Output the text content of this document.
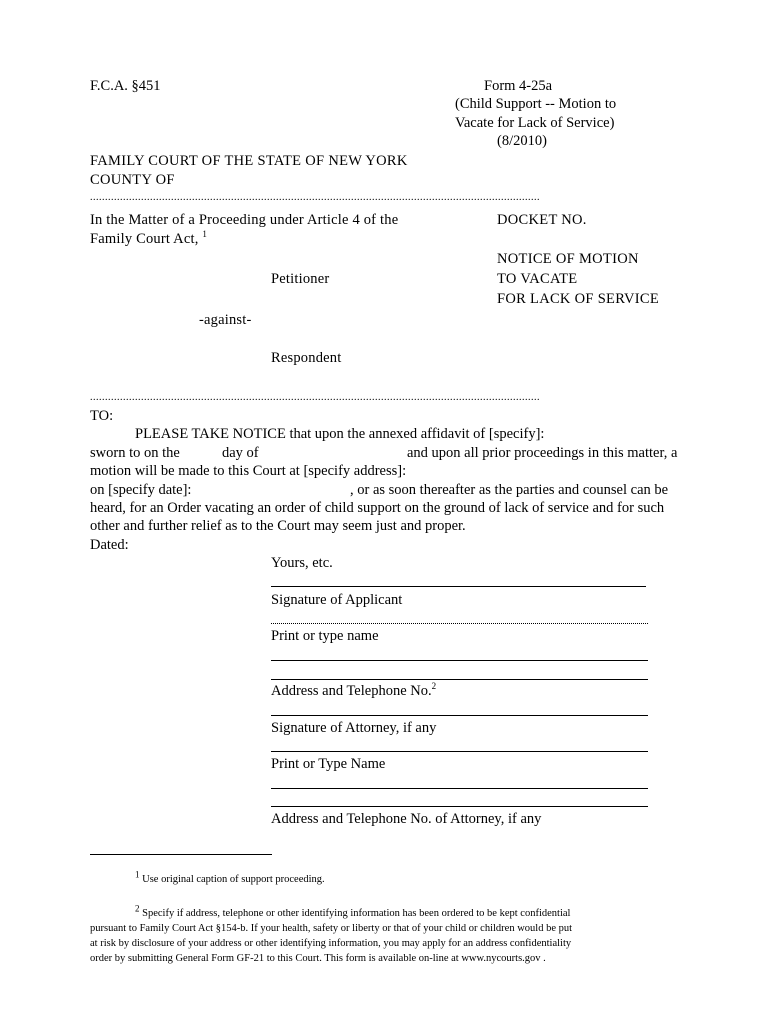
F.C.A. §451	Form 4-25a
(Child Support -- Motion to
Vacate for Lack of Service)
(8/2010)
FAMILY COURT OF THE STATE OF NEW YORK
COUNTY OF
......................................................................................................................................................
In the Matter of a Proceeding under Article 4 of the
Family Court Act, $^1$
Petitioner
-against-
Respondent
......................................................................................................................................................
DOCKET NO.
NOTICE OF MOTION
TO VACATE
FOR LACK OF SERVICE
TO:
PLEASE TAKE NOTICE that upon the annexed affidavit of [specify]:
sworn to on the	day of	and upon all prior proceedings in this matter, a
motion will be made to this Court at [specify address]:
on [specify date]:	, or as soon thereafter as the parties and counsel can be
heard, for an Order vacating an order of child support on the ground of lack of service and for such
other and further relief as to the Court may seem just and proper.
Dated:
Yours, etc.
Signature of Applicant
Print or type name
Address and Telephone No.$^2$
Signature of Attorney, if any
Print or Type Name
Address and Telephone No. of Attorney, if any
$^1$ Use original caption of support proceeding.
$^2$ Specify if address, telephone or other identifying information has been ordered to be kept confidential
pursuant to Family Court Act §154-b. If your health, safety or liberty or that of your child or children would be put
at risk by disclosure of your address or other identifying information, you may apply for an address confidentiality
order by submitting General Form GF-21 to this Court. This form is available on-line at www.nycourts.gov .
